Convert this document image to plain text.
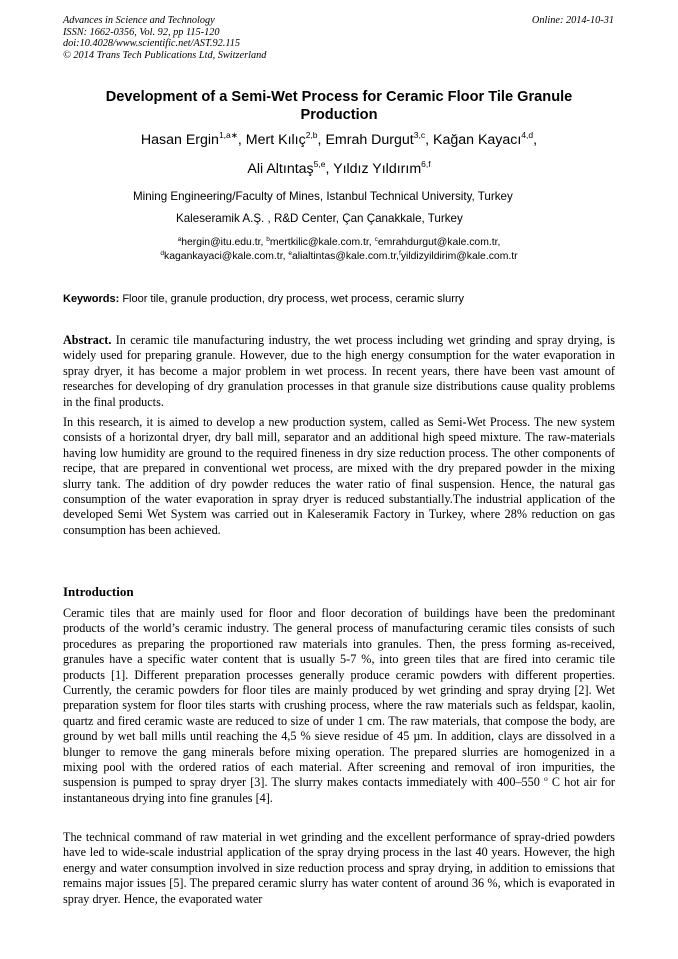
Advances in Science and Technology
ISSN: 1662-0356, Vol. 92, pp 115-120
doi:10.4028/www.scientific.net/AST.92.115
© 2014 Trans Tech Publications Ltd, Switzerland
Online: 2014-10-31
Development of a Semi-Wet Process for Ceramic Floor Tile Granule Production
Hasan Ergin$^{1,a∗}$, Mert Kılıç$^{2,b}$, Emrah Durgut$^{3,c}$, Kağan Kayacı$^{4,d}$,
Ali Altıntaş$^{5,e}$, Yıldız Yıldırım$^{6,f}$
Mining Engineering/Faculty of Mines, Istanbul Technical University, Turkey
Kaleseramik A.Ş. , R&D Center, Çan Çanakkale, Turkey
$^a$hergin@itu.edu.tr, $^b$mertkilic@kale.com.tr, $^c$emrahdurgut@kale.com.tr,
$^d$kagankayaci@kale.com.tr, $^e$alialtintas@kale.com.tr,$^f$yildizyildirim@kale.com.tr
Keywords: Floor tile, granule production, dry process, wet process, ceramic slurry
Abstract. In ceramic tile manufacturing industry, the wet process including wet grinding and spray drying, is widely used for preparing granule. However, due to the high energy consumption for the water evaporation in spray dryer, it has become a major problem in wet process. In recent years, there have been vast amount of researches for developing of dry granulation processes in that granule size distributions cause quality problems in the final products.
In this research, it is aimed to develop a new production system, called as Semi-Wet Process. The new system consists of a horizontal dryer, dry ball mill, separator and an additional high speed mixture. The raw-materials having low humidity are ground to the required fineness in dry size reduction process. The other components of recipe, that are prepared in conventional wet process, are mixed with the dry prepared powder in the mixing slurry tank. The addition of dry powder reduces the water ratio of final suspension. Hence, the natural gas consumption of the water evaporation in spray dryer is reduced substantially.The industrial application of the developed Semi Wet System was carried out in Kaleseramik Factory in Turkey, where 28% reduction on gas consumption has been achieved.
Introduction
Ceramic tiles that are mainly used for floor and floor decoration of buildings have been the predominant products of the world’s ceramic industry. The general process of manufacturing ceramic tiles consists of such procedures as preparing the proportioned raw materials into granules. Then, the press forming as-received, granules have a specific water content that is usually 5-7 %, into green tiles that are fired into ceramic tile products [1]. Different preparation processes generally produce ceramic powders with different properties. Currently, the ceramic powders for floor tiles are mainly produced by wet grinding and spray drying [2]. Wet preparation system for floor tiles starts with crushing process, where the raw materials such as feldspar, kaolin, quartz and fired ceramic waste are reduced to size of under 1 cm. The raw materials, that compose the body, are ground by wet ball mills until reaching the 4,5 % sieve residue of 45 µm. In addition, clays are dissolved in a blunger to remove the gang minerals before mixing operation. The prepared slurries are homogenized in a mixing pool with the ordered ratios of each material. After screening and removal of iron impurities, the suspension is pumped to spray dryer [3]. The slurry makes contacts immediately with 400–550 $^o$ C hot air for instantaneous drying into fine granules [4].
The technical command of raw material in wet grinding and the excellent performance of spray-dried powders have led to wide-scale industrial application of the spray drying process in the last 40 years. However, the high energy and water consumption involved in size reduction process and spray drying, in addition to emissions that remains major issues [5]. The prepared ceramic slurry has water content of around 36 %, which is evaporated in spray dryer. Hence, the evaporated water
